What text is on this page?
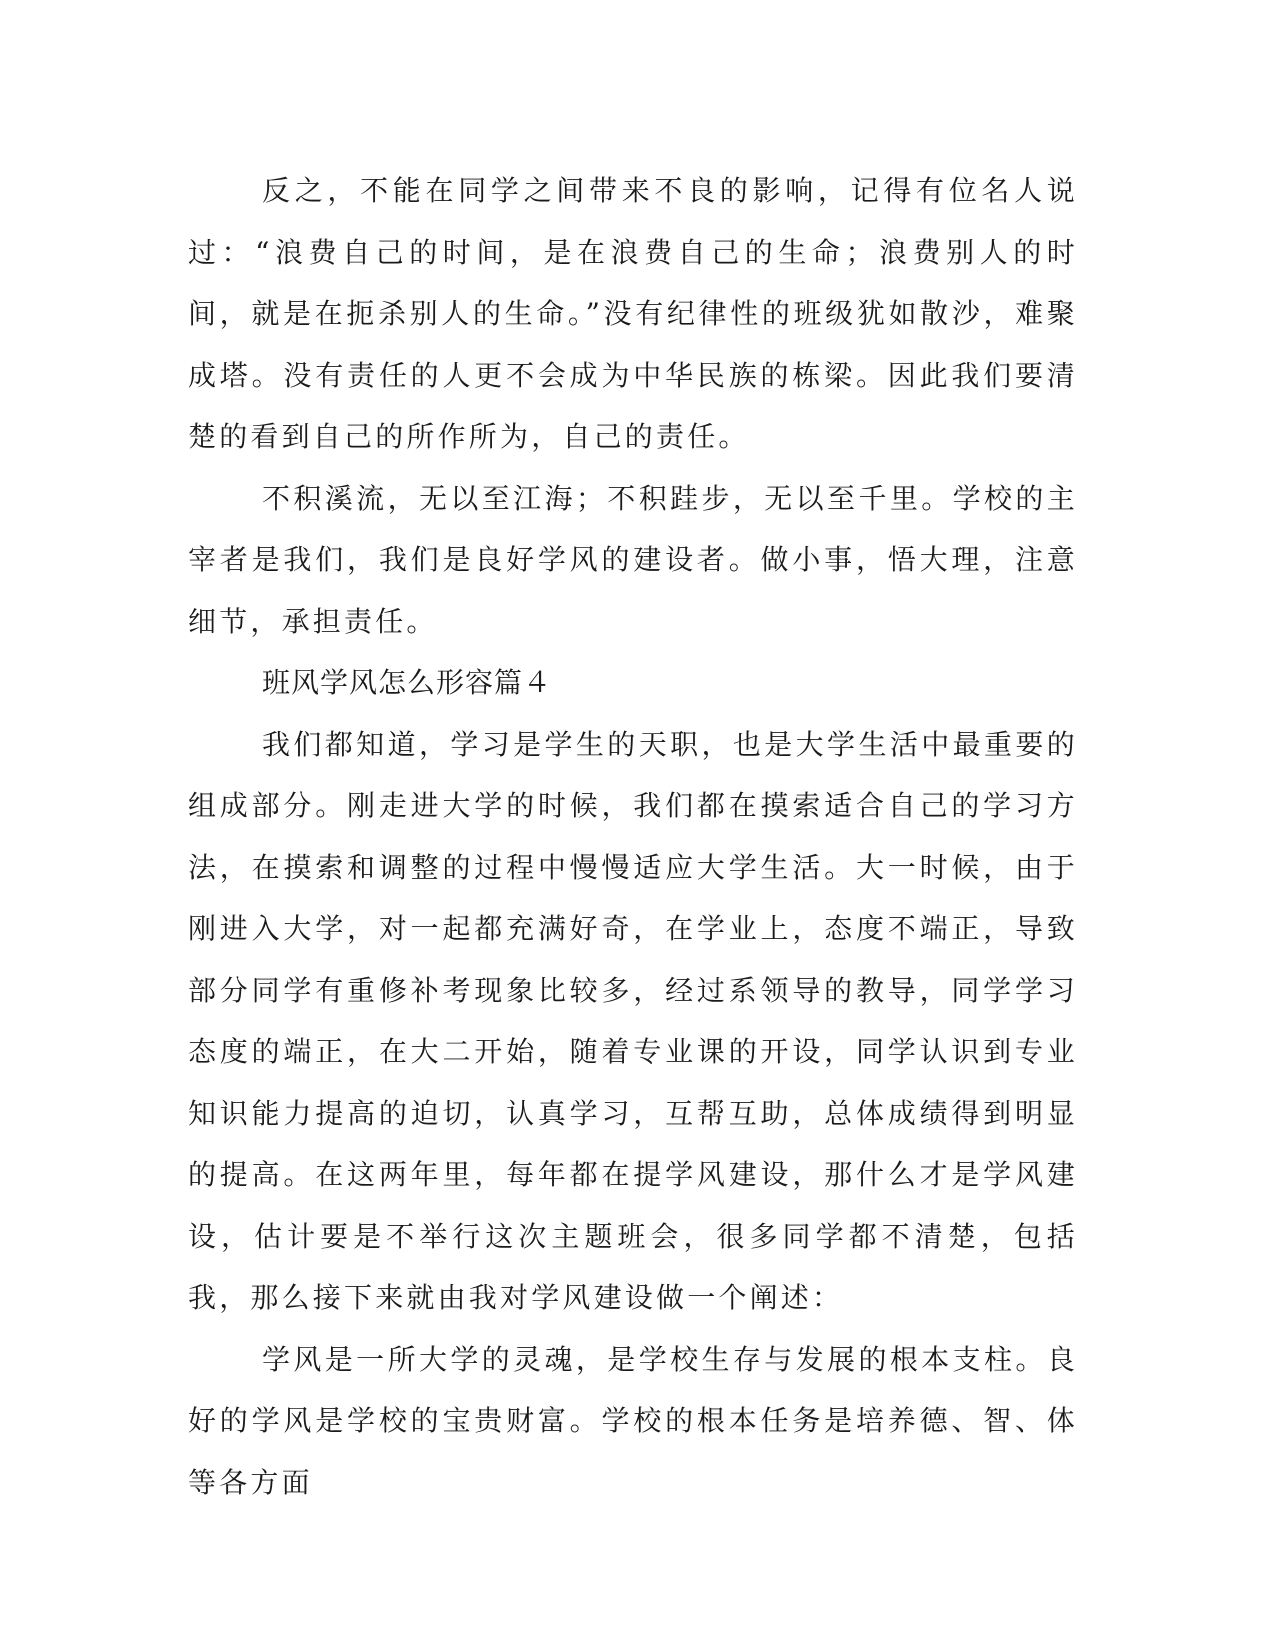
反之，不能在同学之间带来不良的影响，记得有位名人说过：“浪费自己的时间，是在浪费自己的生命；浪费别人的时间，就是在扼杀别人的生命。”没有纪律性的班级犹如散沙，难聚成塔。没有责任的人更不会成为中华民族的栋梁。因此我们要清楚的看到自己的所作所为，自己的责任。

不积溪流，无以至江海；不积跬步，无以至千里。学校的主宰者是我们，我们是良好学风的建设者。做小事，悟大理，注意细节，承担责任。

班风学风怎么形容篇４

我们都知道，学习是学生的天职，也是大学生活中最重要的组成部分。刚走进大学的时候，我们都在摸索适合自己的学习方法，在摸索和调整的过程中慢慢适应大学生活。大一时候，由于刚进入大学，对一起都充满好奇，在学业上，态度不端正，导致部分同学有重修补考现象比较多，经过系领导的教导，同学学习态度的端正，在大二开始，随着专业课的开设，同学认识到专业知识能力提高的迫切，认真学习，互帮互助，总体成绩得到明显的提高。在这两年里，每年都在提学风建设，那什么才是学风建设，估计要是不举行这次主题班会，很多同学都不清楚，包括我，那么接下来就由我对学风建设做一个阐述：

学风是一所大学的灵魂，是学校生存与发展的根本支柱。良好的学风是学校的宝贵财富。学校的根本任务是培养德、智、体等各方面
